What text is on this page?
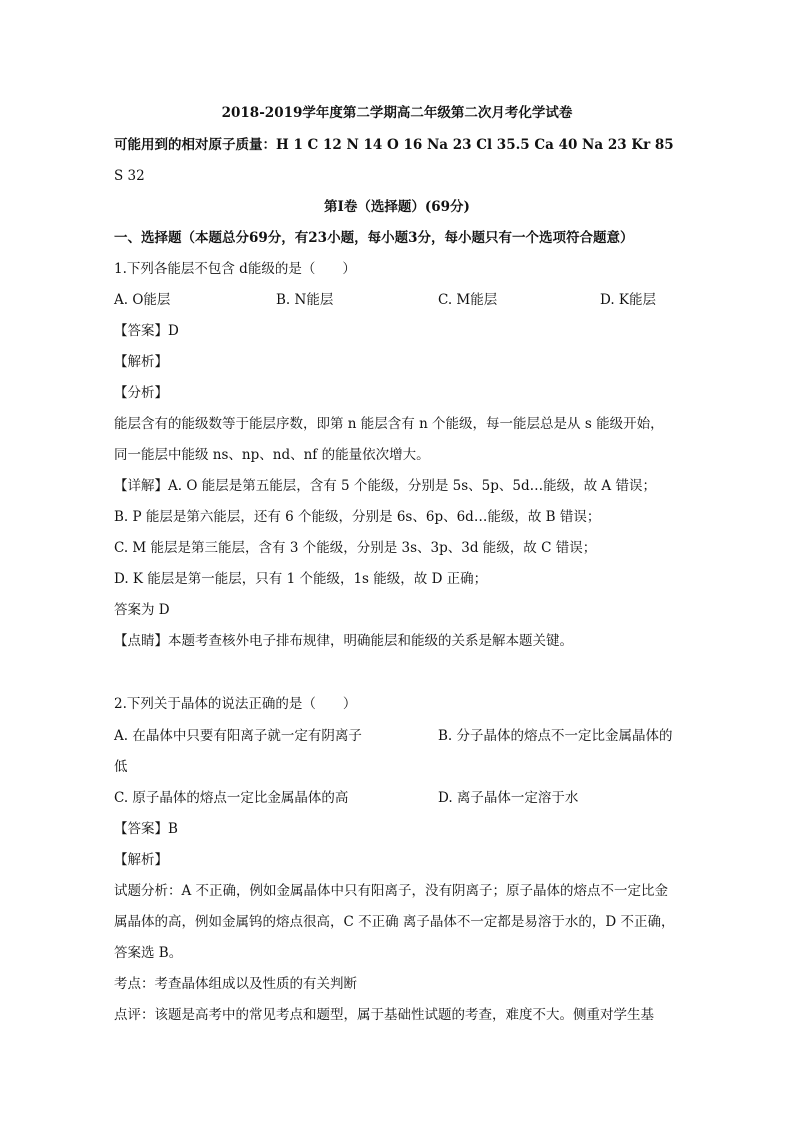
2018-2019学年度第二学期高二年级第二次月考化学试卷
可能用到的相对原子质量：H 1 C 12 N 14 O 16 Na 23 Cl 35.5 Ca 40 Na 23 Kr 85
S 32
第I卷（选择题）(69分)
一、选择题（本题总分69分，有23小题，每小题3分，每小题只有一个选项符合题意）
1.下列各能层不包含 d能级的是（　　）
A. O能层	B. N能层	C. M能层	D. K能层
【答案】D
【解析】
【分析】
能层含有的能级数等于能层序数，即第 n 能层含有 n 个能级，每一能层总是从 s 能级开始，
同一能层中能级 ns、np、nd、nf 的能量依次增大。
【详解】A. O 能层是第五能层，含有 5 个能级，分别是 5s、5p、5d…能级，故 A 错误；
B. P 能层是第六能层，还有 6 个能级，分别是 6s、6p、6d…能级，故 B 错误；
C. M 能层是第三能层，含有 3 个能级，分别是 3s、3p、3d 能级，故 C 错误；
D. K 能层是第一能层，只有 1 个能级，1s 能级，故 D 正确；
答案为 D
【点睛】本题考查核外电子排布规律，明确能层和能级的关系是解本题关键。
2.下列关于晶体的说法正确的是（　　）
A. 在晶体中只要有阳离子就一定有阴离子	B. 分子晶体的熔点不一定比金属晶体的
低
C. 原子晶体的熔点一定比金属晶体的高	D. 离子晶体一定溶于水
【答案】B
【解析】
试题分析：A 不正确，例如金属晶体中只有阳离子，没有阴离子；原子晶体的熔点不一定比金
属晶体的高，例如金属钨的熔点很高，C 不正确 离子晶体不一定都是易溶于水的，D 不正确，
答案选 B。
考点：考查晶体组成以及性质的有关判断
点评：该题是高考中的常见考点和题型，属于基础性试题的考查，难度不大。侧重对学生基
